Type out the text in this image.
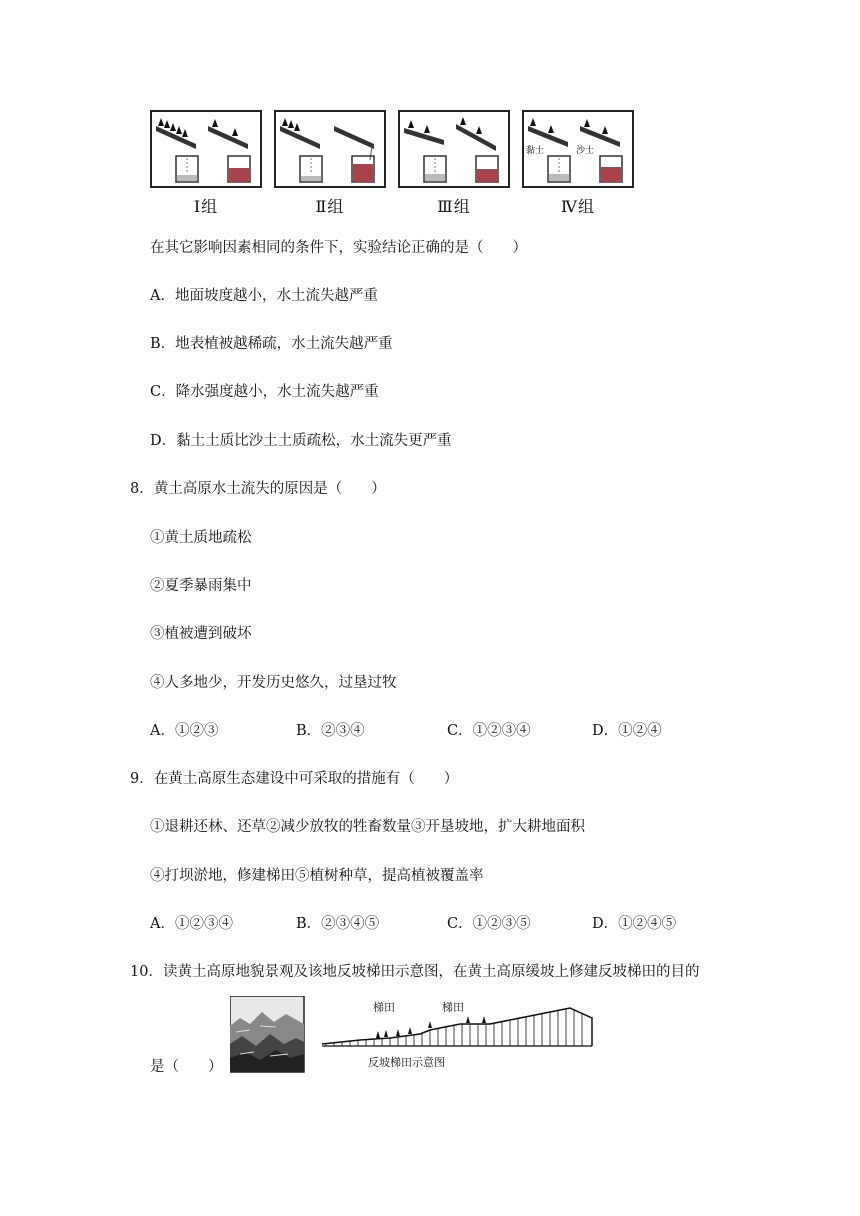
Ⅰ组	Ⅱ组	Ⅲ组
黏土	沙土
Ⅳ组
在其它影响因素相同的条件下，实验结论正确的是（　　）
A．地面坡度越小，水土流失越严重
B．地表植被越稀疏，水土流失越严重
C．降水强度越小，水土流失越严重
D．黏土土质比沙土土质疏松，水土流失更严重
8．黄土高原水土流失的原因是（　　）
①黄土质地疏松
②夏季暴雨集中
③植被遭到破坏
④人多地少，开发历史悠久，过垦过牧
A．①②③	B．②③④	C．①②③④	D．①②④
9．在黄土高原生态建设中可采取的措施有（　　）
①退耕还林、还草②减少放牧的牲畜数量③开垦坡地，扩大耕地面积
④打坝淤地，修建梯田⑤植树种草，提高植被覆盖率
A．①②③④	B．②③④⑤	C．①②③⑤	D．①②④⑤
10．读黄土高原地貌景观及该地反坡梯田示意图，在黄土高原缓坡上修建反坡梯田的目的
是（　　）
梯田	梯田
反坡梯田示意图
